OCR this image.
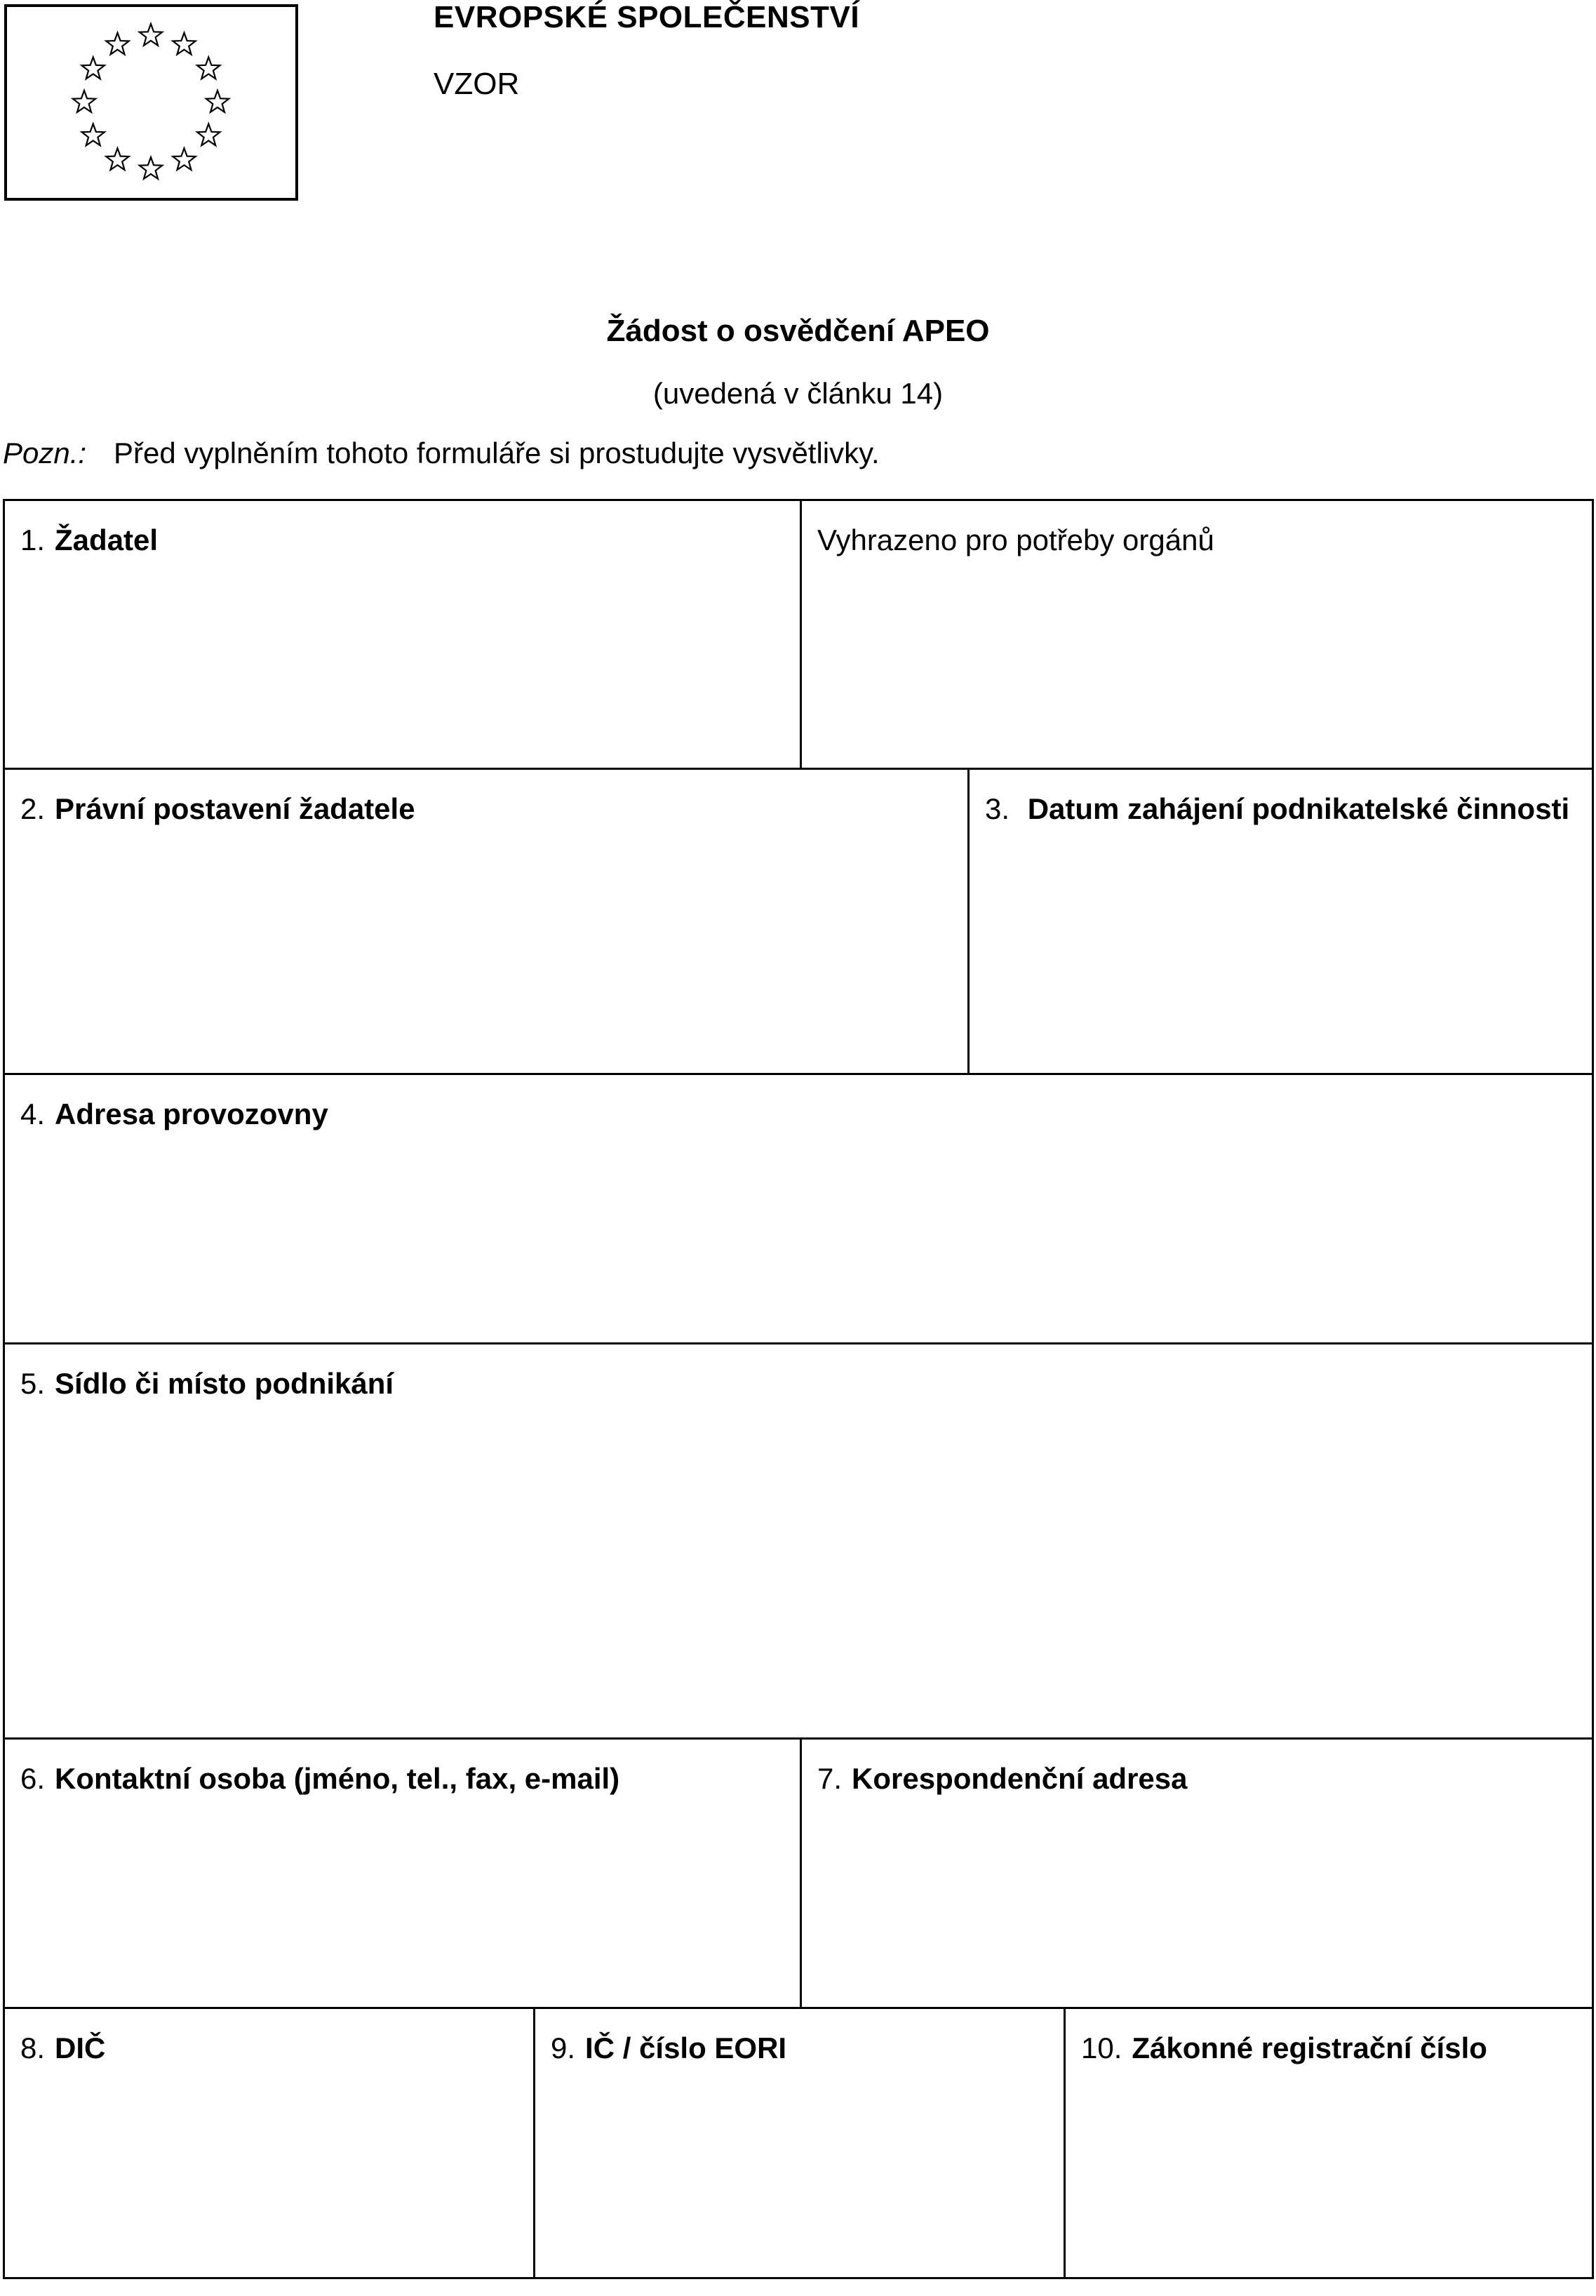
EVROPSKÉ SPOLEČENSTVÍ
VZOR
Žádost o osvědčení APEO
(uvedená v článku 14)
Pozn.: Před vyplněním tohoto formuláře si prostudujte vysvětlivky.
1. Žadatel	Vyhrazeno pro potřeby orgánů
2. Právní postavení žadatele	3. Datum zahájení podnikatelské činnosti
4. Adresa provozovny
5. Sídlo či místo podnikání
6. Kontaktní osoba (jméno, tel., fax, e-mail)	7. Korespondenční adresa
8. DIČ	9. IČ / číslo EORI	10. Zákonné registrační číslo
